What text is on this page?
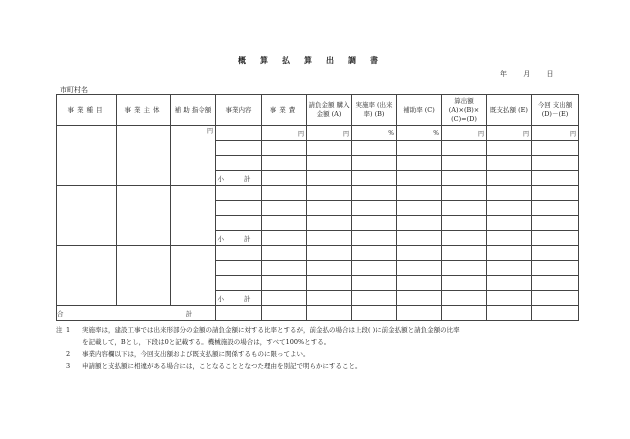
概算払算出調書
年 月 日
市町村名
事業種目	事業主体	補 助 指令額	事業内容	事業費	請負金額 購入金額 (A)	実施率 (出来率) (B)	補助率 (C)	算出額 (A)×(B)× (C)=(D)	既支払額 (E)	今回 支出額 (D)－(E)
		円		円	円	%	%	円	円	円

			小 計							

			小 計							

			小 計							
合 計										
注 1	実施率は，建設工事では出来形部分の金額の請負金額に対する比率とするが，前金払の場合は上段( )に前金払額と請負金額の比率
を記載して，Bとし，下段は0と記載する。機械施設の場合は，すべて100%とする。
2	事業内容欄以下は，今回支出額および既支払額に関係するものに限ってよい。
3	申請額と支払額に相違がある場合には，ことなることとなつた理由を別記で明らかにすること。
